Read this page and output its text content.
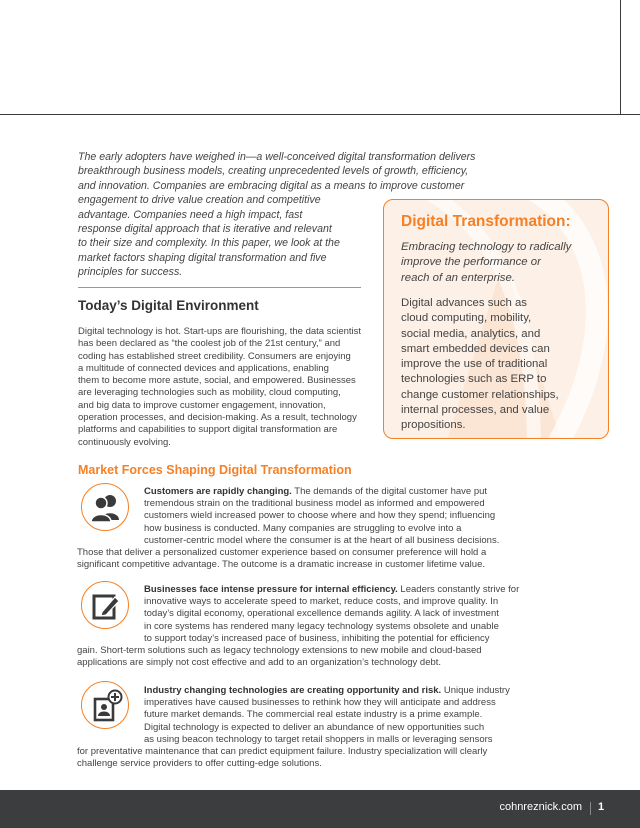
The early adopters have weighed in—a well-conceived digital transformation delivers
breakthrough business models, creating unprecedented levels of growth, efficiency,
and innovation. Companies are embracing digital as a means to improve customer
engagement to drive value creation and competitive
advantage. Companies need a high impact, fast
response digital approach that is iterative and relevant
to their size and complexity. In this paper, we look at the
market factors shaping digital transformation and five
principles for success.
Today’s Digital Environment
Digital technology is hot. Start-ups are flourishing, the data scientist
has been declared as “the coolest job of the 21st century,” and
coding has established street credibility. Consumers are enjoying
a multitude of connected devices and applications, enabling
them to become more astute, social, and empowered. Businesses
are leveraging technologies such as mobility, cloud computing,
and big data to improve customer engagement, innovation,
operation processes, and decision-making. As a result, technology
platforms and capabilities to support digital transformation are
continuously evolving.
Digital Transformation:
Embracing technology to radically
improve the performance or
reach of an enterprise.
Digital advances such as
cloud computing, mobility,
social media, analytics, and
smart embedded devices can
improve the use of traditional
technologies such as ERP to
change customer relationships,
internal processes, and value
propositions.
Market Forces Shaping Digital Transformation
Customers are rapidly changing. The demands of the digital customer have put
tremendous strain on the traditional business model as informed and empowered
customers wield increased power to choose where and how they spend; influencing
how business is conducted. Many companies are struggling to evolve into a
customer-centric model where the consumer is at the heart of all business decisions.
Those that deliver a personalized customer experience based on consumer preference will hold a
significant competitive advantage. The outcome is a dramatic increase in customer lifetime value.
Businesses face intense pressure for internal efficiency. Leaders constantly strive for
innovative ways to accelerate speed to market, reduce costs, and improve quality. In
today’s digital economy, operational excellence demands agility. A lack of investment
in core systems has rendered many legacy technology systems obsolete and unable
to support today’s increased pace of business, inhibiting the potential for efficiency
gain. Short-term solutions such as legacy technology extensions to new mobile and cloud-based
applications are simply not cost effective and add to an organization’s technology debt.
Industry changing technologies are creating opportunity and risk. Unique industry
imperatives have caused businesses to rethink how they will anticipate and address
future market demands. The commercial real estate industry is a prime example.
Digital technology is expected to deliver an abundance of new opportunities such
as using beacon technology to target retail shoppers in malls or leveraging sensors
for preventative maintenance that can predict equipment failure. Industry specialization will clearly
challenge service providers to offer cutting-edge solutions.
cohnreznick.com 1
